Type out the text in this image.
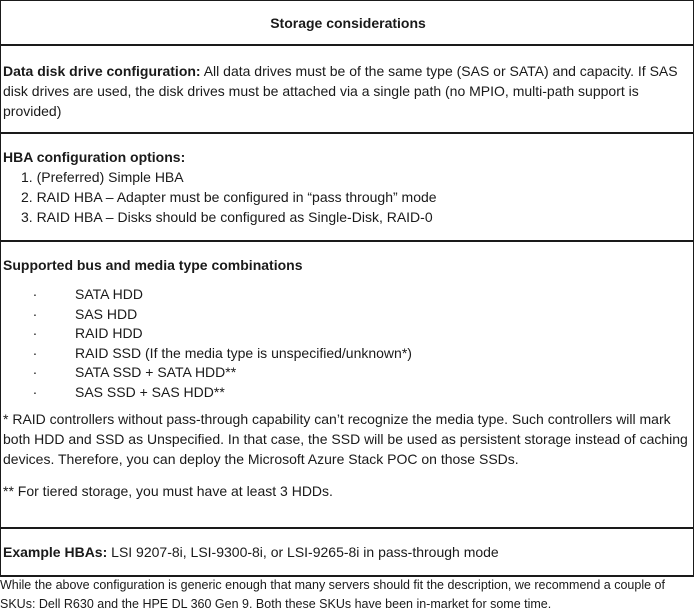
Storage considerations
Data disk drive configuration: All data drives must be of the same type (SAS or SATA) and capacity. If SAS disk drives are used, the disk drives must be attached via a single path (no MPIO, multi-path support is provided)
HBA configuration options:
1. (Preferred) Simple HBA
2. RAID HBA – Adapter must be configured in “pass through” mode
3. RAID HBA – Disks should be configured as Single-Disk, RAID-0
Supported bus and media type combinations
·	SATA HDD
·	SAS HDD
·	RAID HDD
·	RAID SSD (If the media type is unspecified/unknown*)
·	SATA SSD + SATA HDD**
·	SAS SSD + SAS HDD**
* RAID controllers without pass-through capability can’t recognize the media type. Such controllers will mark both HDD and SSD as Unspecified. In that case, the SSD will be used as persistent storage instead of caching devices. Therefore, you can deploy the Microsoft Azure Stack POC on those SSDs.
** For tiered storage, you must have at least 3 HDDs.
Example HBAs: LSI 9207-8i, LSI-9300-8i, or LSI-9265-8i in pass-through mode
While the above configuration is generic enough that many servers should fit the description, we recommend a couple of SKUs: Dell R630 and the HPE DL 360 Gen 9. Both these SKUs have been in-market for some time.
